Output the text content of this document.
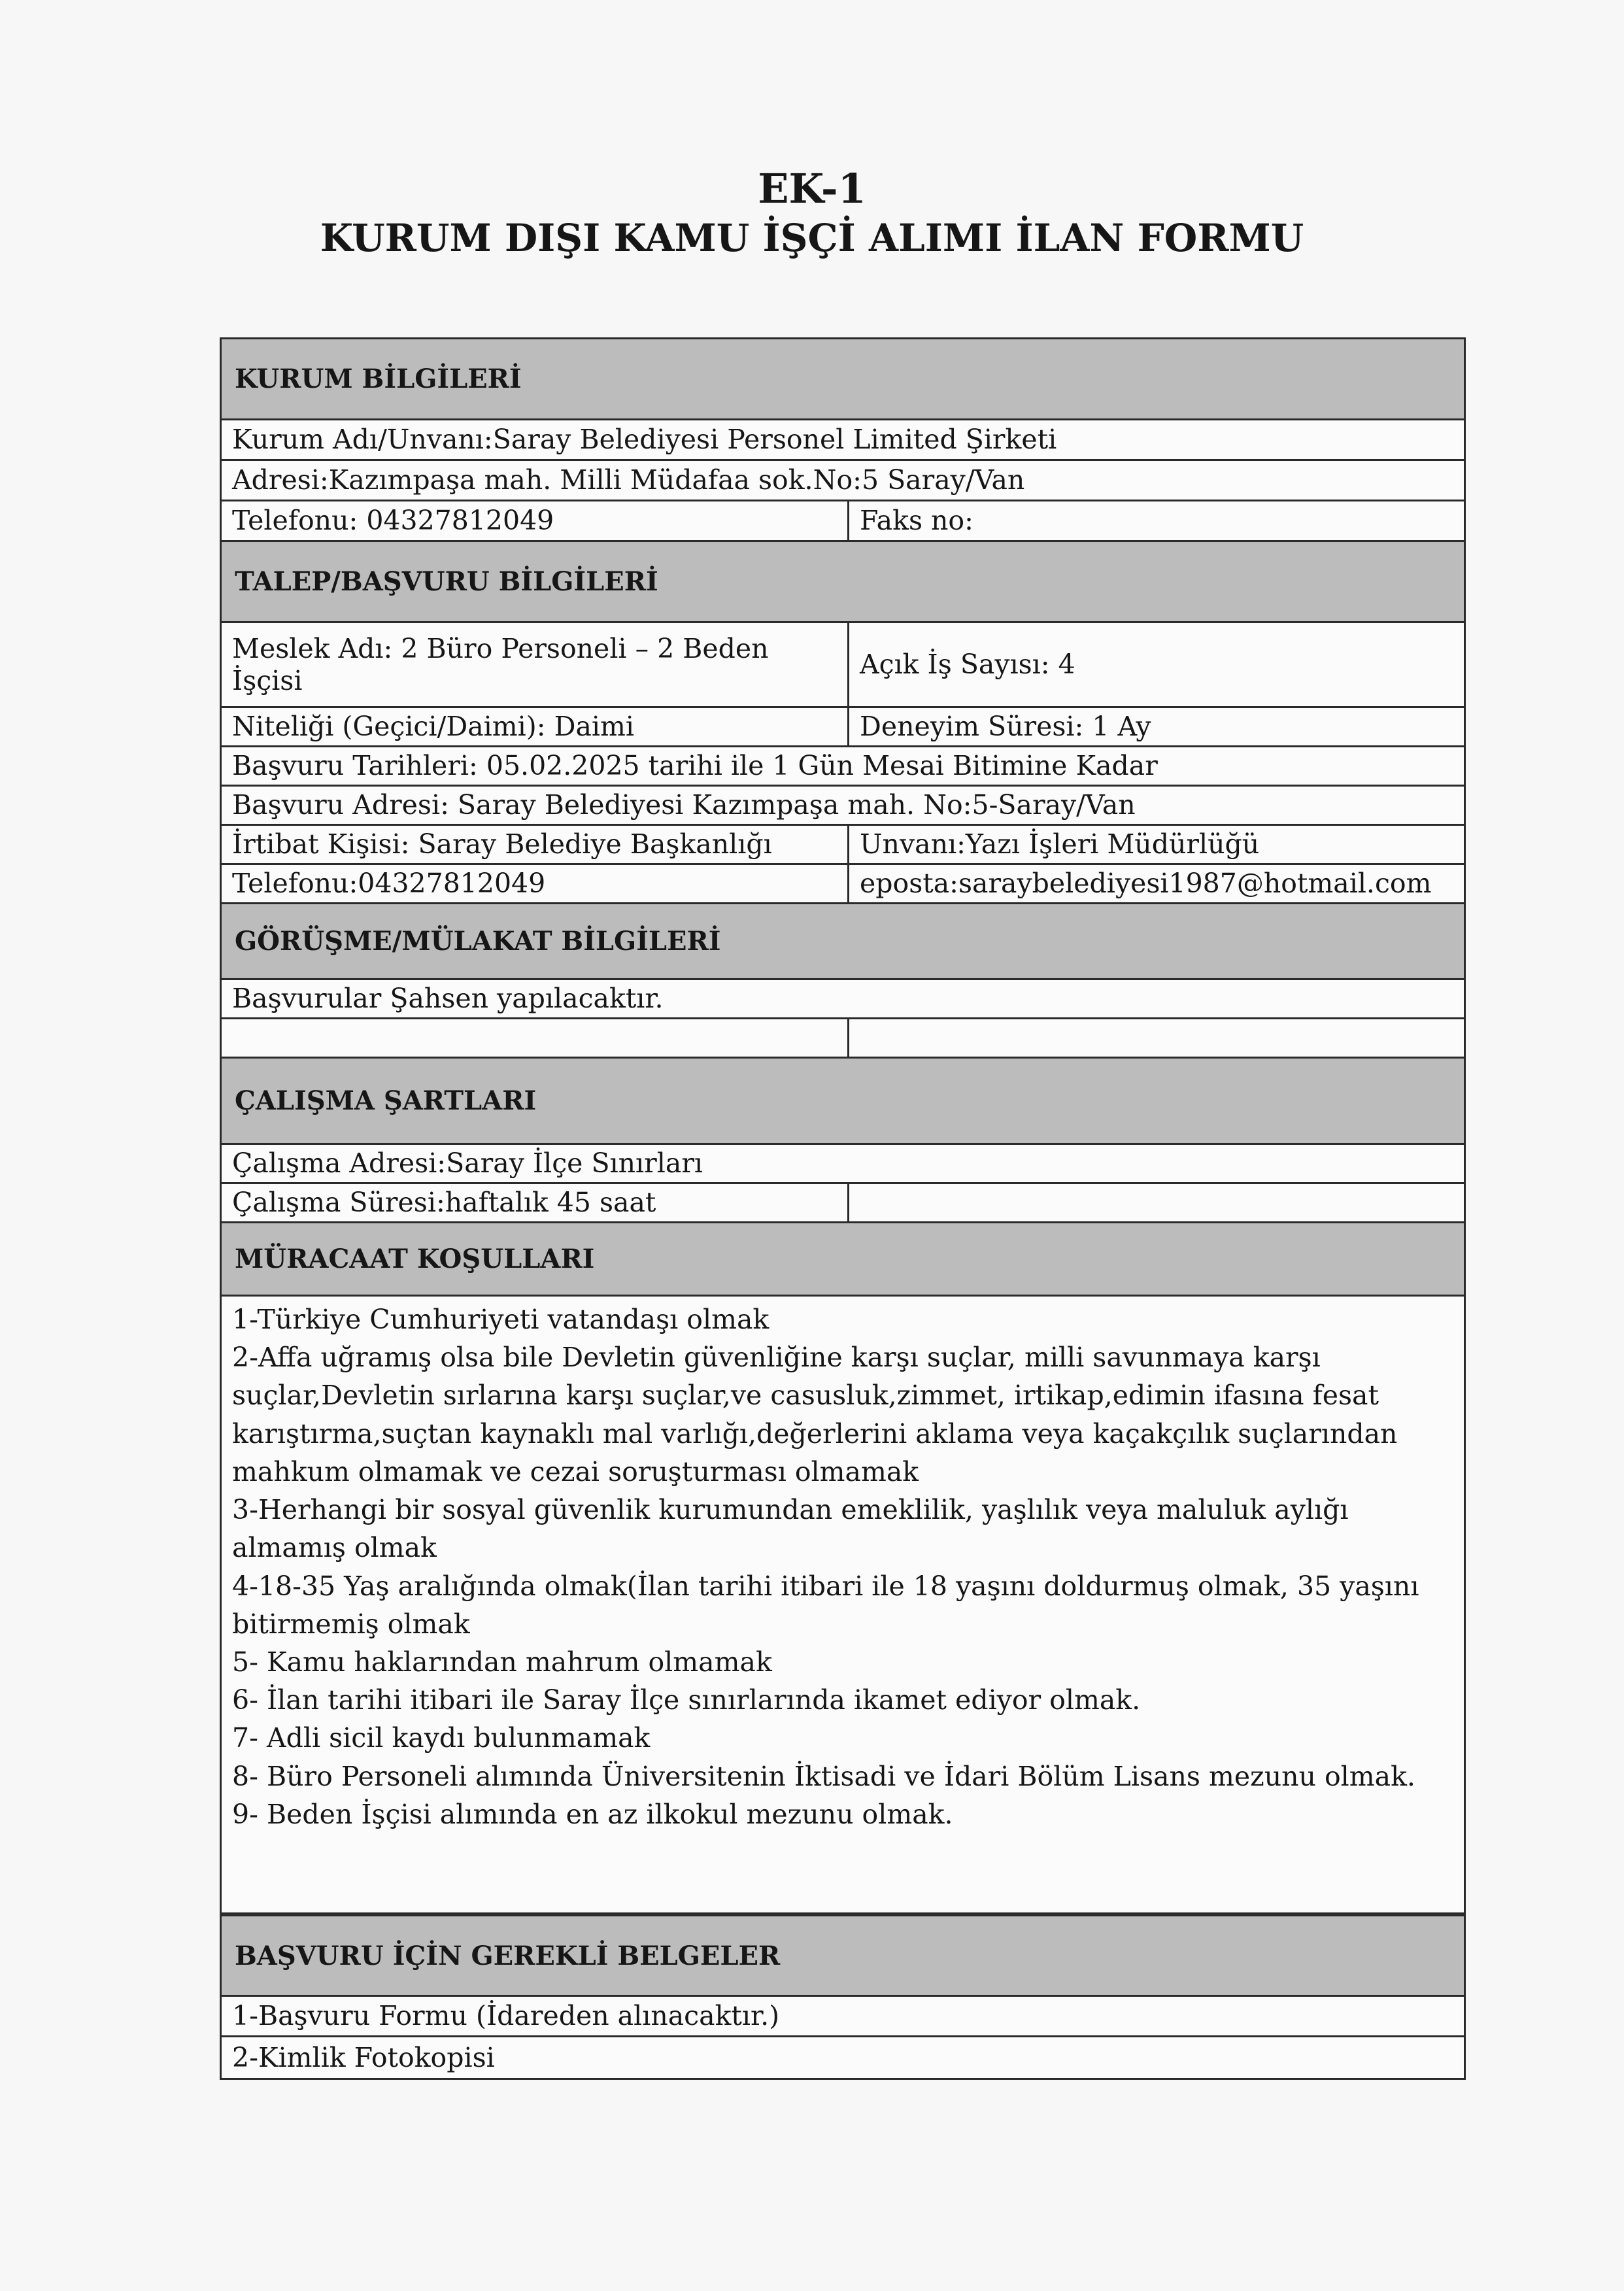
EK-1
KURUM DIŞI KAMU İŞÇİ ALIMI İLAN FORMU
KURUM BİLGİLERİ
Kurum Adı/Unvanı:Saray Belediyesi Personel Limited Şirketi
Adresi:Kazımpaşa mah. Milli Müdafaa sok.No:5 Saray/Van
Telefonu: 04327812049	Faks no:
TALEP/BAŞVURU BİLGİLERİ
Meslek Adı: 2 Büro Personeli – 2 Beden İşçisi
Açık İş Sayısı: 4
Niteliği (Geçici/Daimi): Daimi	Deneyim Süresi: 1 Ay
Başvuru Tarihleri: 05.02.2025 tarihi ile 1 Gün Mesai Bitimine Kadar
Başvuru Adresi: Saray Belediyesi Kazımpaşa mah. No:5-Saray/Van
İrtibat Kişisi: Saray Belediye Başkanlığı	Unvanı:Yazı İşleri Müdürlüğü
Telefonu:04327812049	eposta:saraybelediyesi1987@hotmail.com
GÖRÜŞME/MÜLAKAT BİLGİLERİ
Başvurular Şahsen yapılacaktır.
ÇALIŞMA ŞARTLARI
Çalışma Adresi:Saray İlçe Sınırları
Çalışma Süresi:haftalık 45 saat
MÜRACAAT KOŞULLARI

1-Türkiye Cumhuriyeti vatandaşı olmak

2-Affa uğramış olsa bile Devletin güvenliğine karşı suçlar, milli savunmaya karşı suçlar,Devletin sırlarına karşı suçlar,ve casusluk,zimmet, irtikap,edimin ifasına fesat karıştırma,suçtan kaynaklı mal varlığı,değerlerini aklama veya kaçakçılık suçlarından mahkum olmamak ve cezai soruşturması olmamak

3-Herhangi bir sosyal güvenlik kurumundan emeklilik, yaşlılık veya maluluk aylığı almamış olmak

4-18-35 Yaş aralığında olmak(İlan tarihi itibari ile 18 yaşını doldurmuş olmak, 35 yaşını bitirmemiş olmak

5- Kamu haklarından mahrum olmamak

6- İlan tarihi itibari ile Saray İlçe sınırlarında ikamet ediyor olmak.

7- Adli sicil kaydı bulunmamak

8- Büro Personeli alımında Üniversitenin İktisadi ve İdari Bölüm Lisans mezunu olmak.

9- Beden İşçisi alımında en az ilkokul mezunu olmak.

BAŞVURU İÇİN GEREKLİ BELGELER
1-Başvuru Formu (İdareden alınacaktır.)
2-Kimlik Fotokopisi
